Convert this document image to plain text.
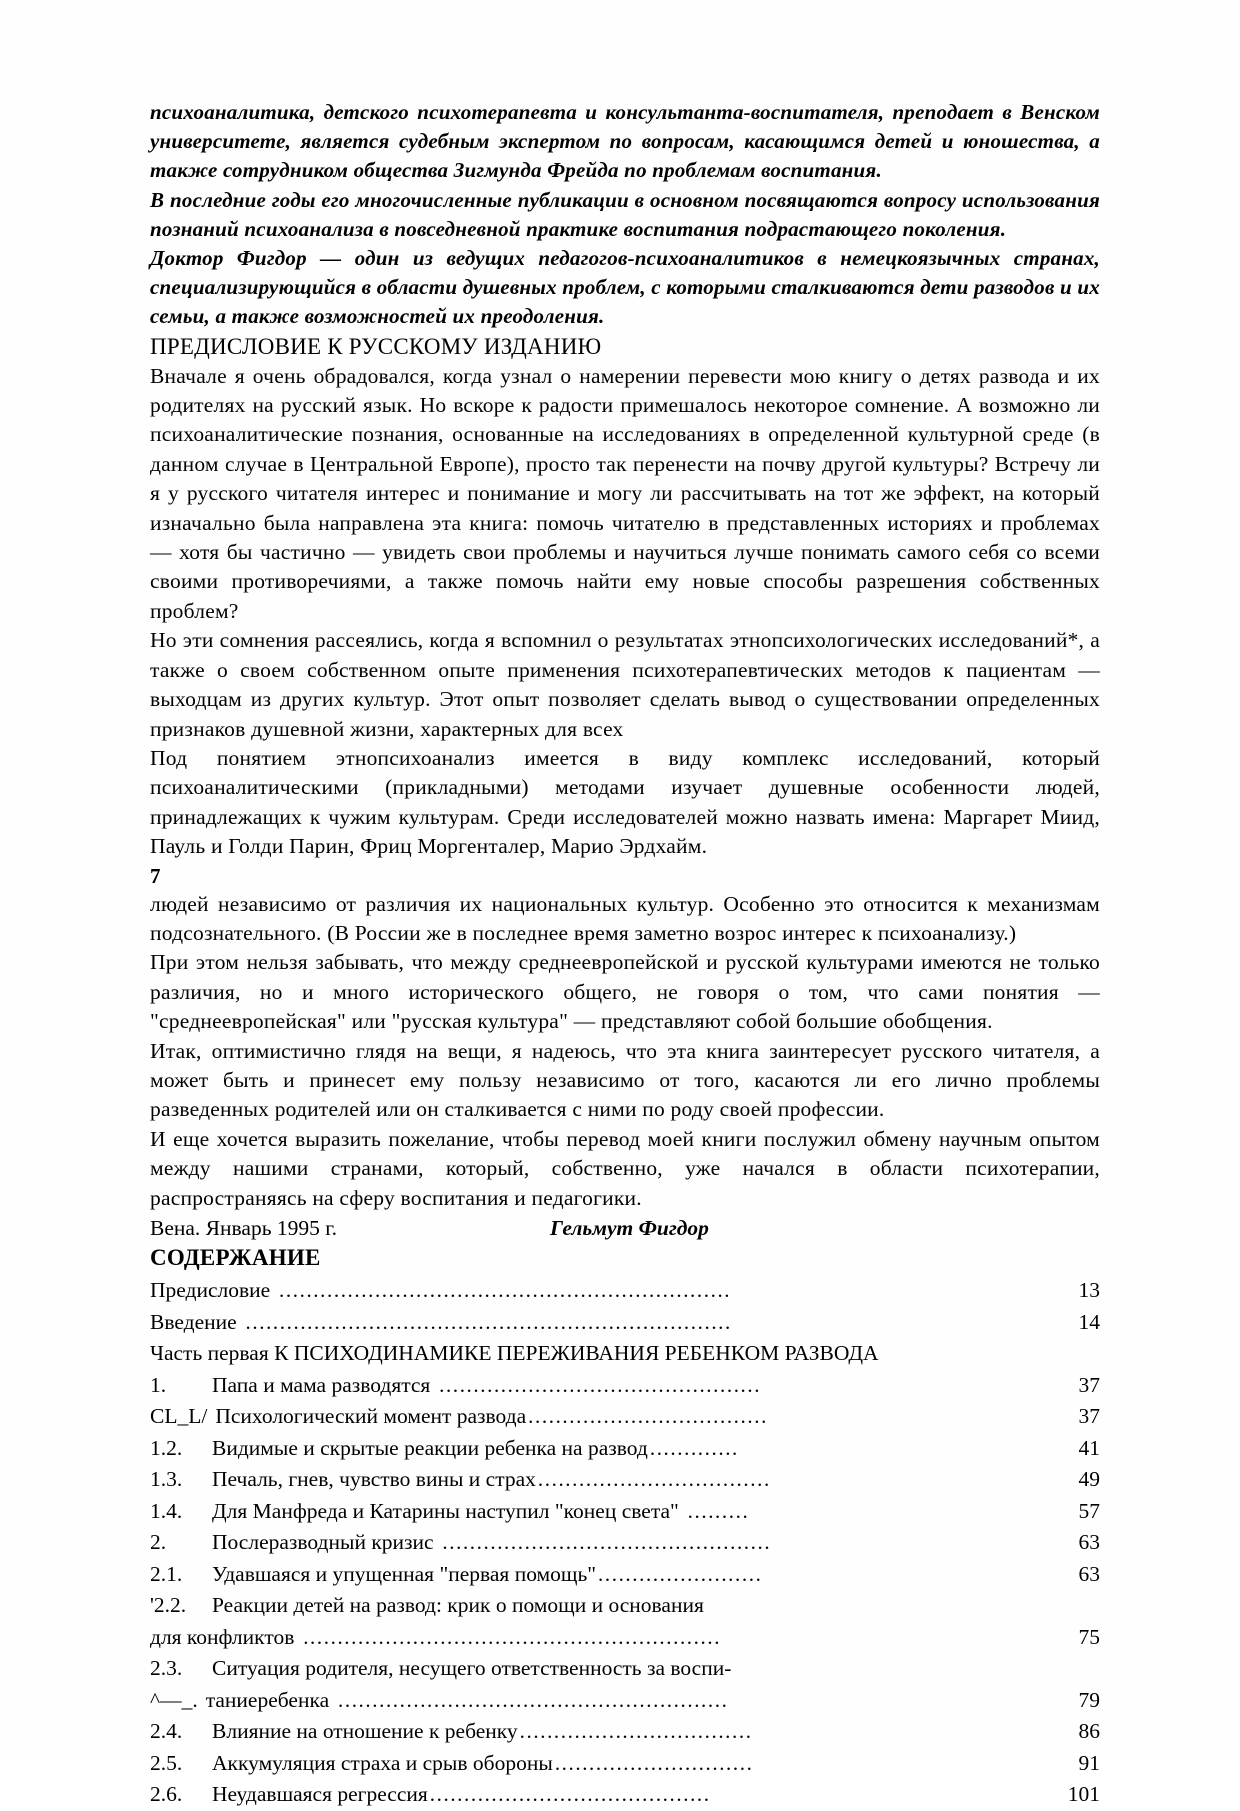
психоаналитика, детского психотерапевта и консультанта-воспитателя, преподает в Венском университете, является судебным экспертом по вопросам, касающимся детей и юношества, а также сотрудником общества Зигмунда Фрейда по проблемам воспитания.

В последние годы его многочисленные публикации в основном посвящаются вопросу использования познаний психоанализа в повседневной практике воспитания подрастающего поколения.

Доктор Фигдор — один из ведущих педагогов-психоаналитиков в немецкоязычных странах, специализирующийся в области душевных проблем, с которыми сталкиваются дети разводов и их семьи, а также возможностей их преодоления.

ПРЕДИСЛОВИЕ К РУССКОМУ ИЗДАНИЮ

Вначале я очень обрадовался, когда узнал о намерении перевести мою книгу о детях развода и их родителях на русский язык. Но вскоре к радости примешалось некоторое сомнение. А возможно ли психоаналитические познания, основанные на исследованиях в определенной культурной среде (в данном случае в Центральной Европе), просто так перенести на почву другой культуры? Встречу ли я у русского читателя интерес и понимание и могу ли рассчитывать на тот же эффект, на который изначально была направлена эта книга: помочь читателю в представленных историях и проблемах — хотя бы частично — увидеть свои проблемы и научиться лучше понимать самого себя со всеми своими противоречиями, а также помочь найти ему новые способы разрешения собственных проблем?

Но эти сомнения рассеялись, когда я вспомнил о результатах этнопсихологических исследований*, а также о своем собственном опыте применения психотерапевтических методов к пациентам — выходцам из других культур. Этот опыт позволяет сделать вывод о существовании определенных признаков душевной жизни, характерных для всех

Под понятием этнопсихоанализ имеется в виду комплекс исследований, который психоаналитическими (прикладными) методами изучает душевные особенности людей, принадлежащих к чужим культурам. Среди исследователей можно назвать имена: Маргарет Миид, Пауль и Голди Парин, Фриц Моргенталер, Марио Эрдхайм.

7

людей независимо от различия их национальных культур. Особенно это относится к механизмам подсознательного. (В России же в последнее время заметно возрос интерес к психоанализу.)

При этом нельзя забывать, что между среднеевропейской и русской культурами имеются не только различия, но и много исторического общего, не говоря о том, что сами понятия — "среднеевропейская" или "русская культура" — представляют собой большие обобщения.

Итак, оптимистично глядя на вещи, я надеюсь, что эта книга заинтересует русского читателя, а может быть и принесет ему пользу независимо от того, касаются ли его лично проблемы разведенных родителей или он сталкивается с ними по роду своей профессии.

И еще хочется выразить пожелание, чтобы перевод моей книги послужил обмену научным опытом между нашими странами, который, собственно, уже начался в области психотерапии, распространяясь на сферу воспитания и педагогики.

Вена. Январь 1995 г.	Гельмут Фигдор
СОДЕРЖАНИЕ
Предисловие ..................................................................	13
Введение .......................................................................	14
Часть первая К ПСИХОДИНАМИКЕ ПЕРЕЖИВАНИЯ РЕБЕНКОМ РАЗВОДА
1.	Папа и мама разводятся ...............................................	37
CL_L/ Психологический момент развода ...................................	37
1.2.	Видимые и скрытые реакции ребенка на развод .............	41
1.3.	Печаль, гнев, чувство вины и страх ..................................	49
1.4.	Для Манфреда и Катарины наступил "конец света" .........	57
2.	Послеразводный кризис ................................................	63
2.1.	Удавшаяся и упущенная "первая помощь" ........................	63
'2.2.	Реакции детей на развод: крик о помощи и основания
для конфликтов .............................................................	75
2.3.	Ситуация родителя, несущего ответственность за воспи-
^—_. таниеребенка .........................................................	79
2.4.	Влияние на отношение к ребенку ..................................	86
2.5.	Аккумуляция страха и срыв обороны .............................	91
2.6.	Неудавшаяся регрессия .........................................	101
